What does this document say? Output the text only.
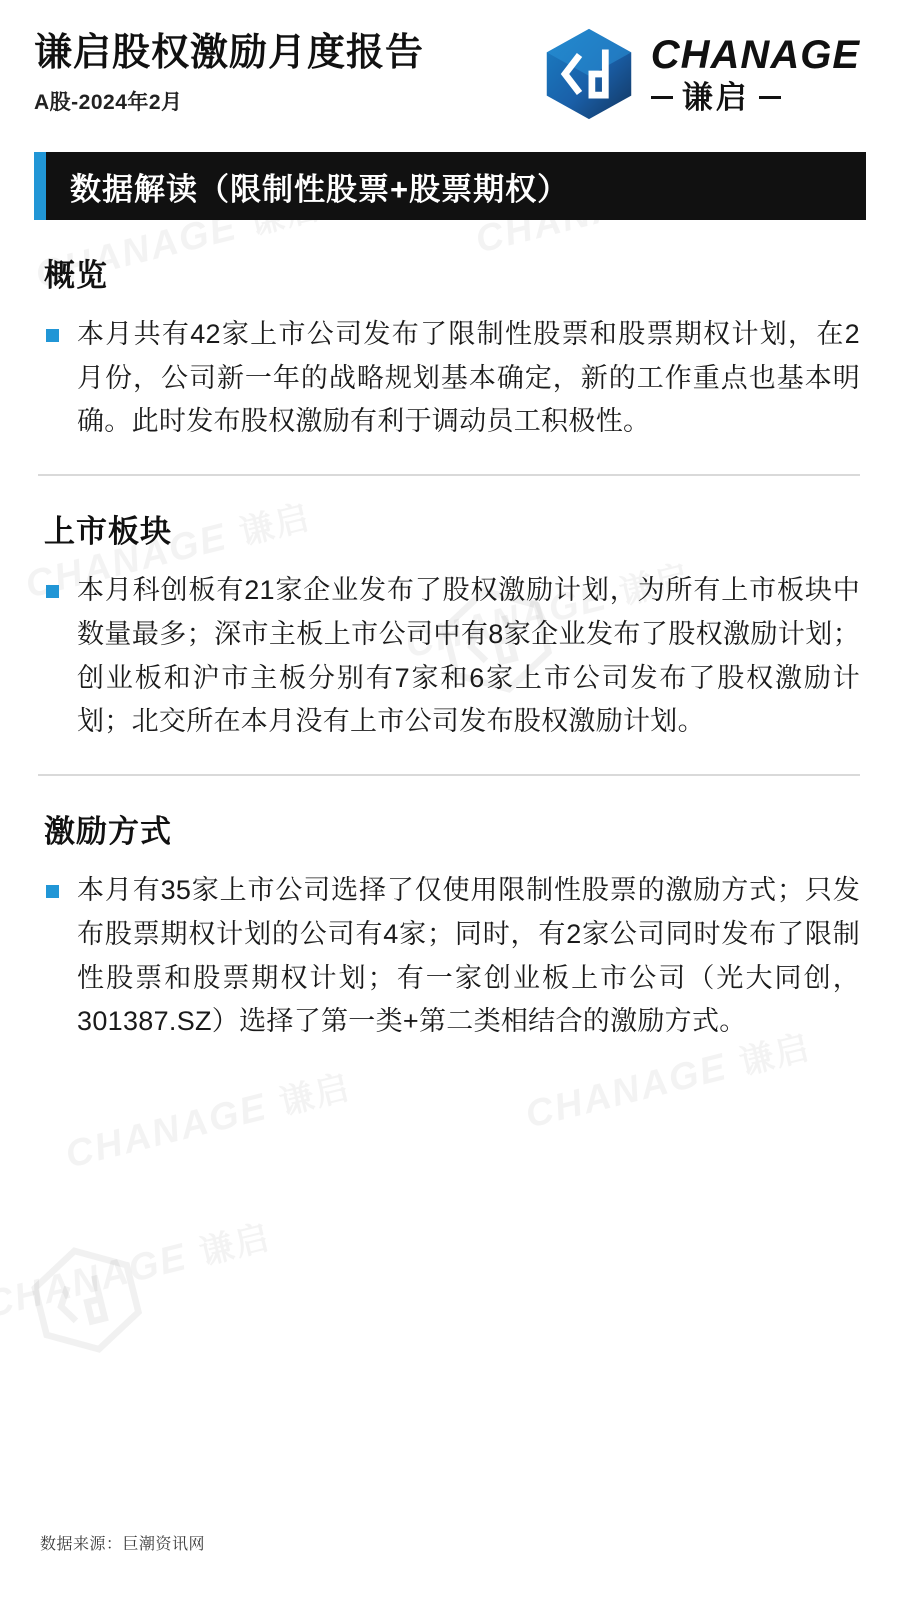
谦启股权激励月度报告
A股-2024年2月
CHANAGE
谦启
数据解读（限制性股票+股票期权）
概览
本月共有42家上市公司发布了限制性股票和股票期权计划，在2月份，公司新一年的战略规划基本确定，新的工作重点也基本明确。此时发布股权激励有利于调动员工积极性。
上市板块
本月科创板有21家企业发布了股权激励计划，为所有上市板块中数量最多；深市主板上市公司中有8家企业发布了股权激励计划；创业板和沪市主板分别有7家和6家上市公司发布了股权激励计划；北交所在本月没有上市公司发布股权激励计划。
激励方式
本月有35家上市公司选择了仅使用限制性股票的激励方式；只发布股票期权计划的公司有4家；同时，有2家公司同时发布了限制性股票和股票期权计划；有一家创业板上市公司（光大同创，301387.SZ）选择了第一类+第二类相结合的激励方式。
数据来源：巨潮资讯网
